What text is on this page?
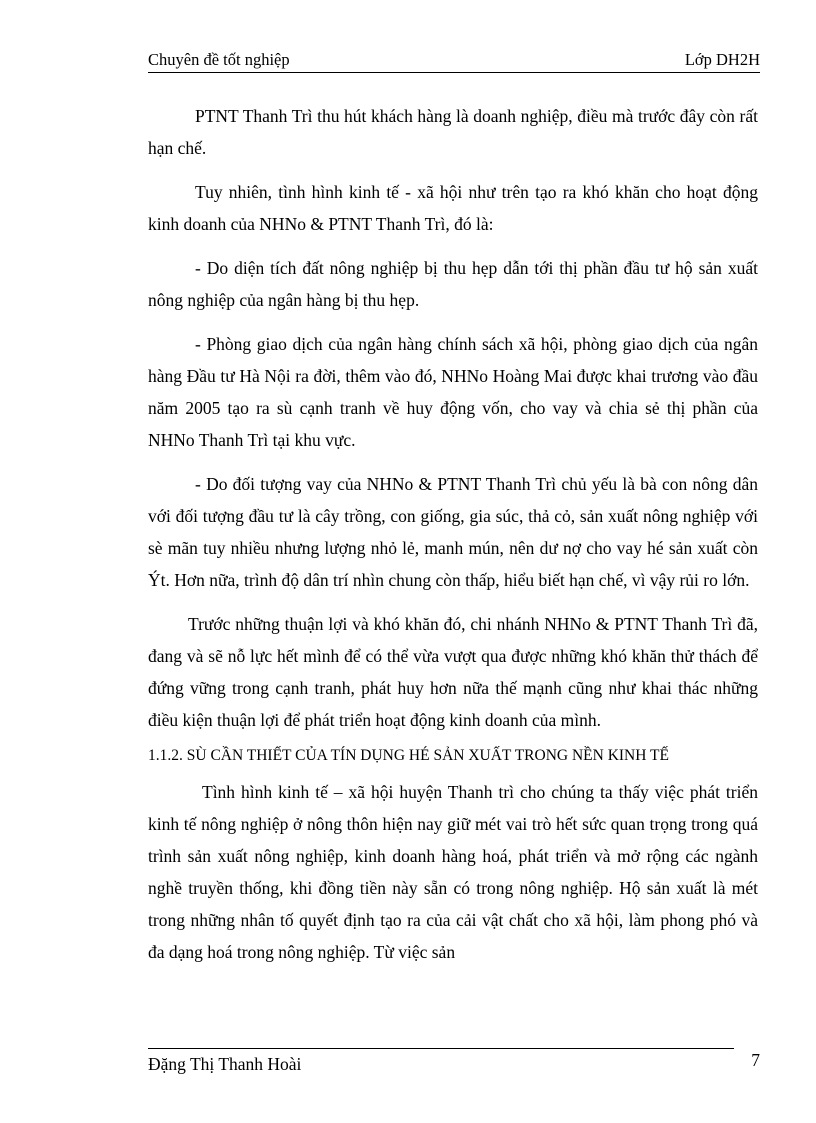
Chuyên đề tốt nghiệp	Lớp DH2H

PTNT Thanh Trì thu hút khách hàng là doanh nghiệp, điều mà trước đây còn rất hạn chế.

Tuy nhiên, tình hình kinh tế - xã hội như trên tạo ra khó khăn cho hoạt động kinh doanh của NHNo & PTNT Thanh Trì, đó là:

- Do diện tích đất nông nghiệp bị thu hẹp dẫn tới thị phần đầu tư hộ sản xuất nông nghiệp của ngân hàng bị thu hẹp.

- Phòng giao dịch của ngân hàng chính sách xã hội, phòng giao dịch của ngân hàng Đầu tư Hà Nội ra đời, thêm vào đó, NHNo Hoàng Mai được khai trương vào đầu năm 2005 tạo ra sù cạnh tranh về huy động vốn, cho vay và chia sẻ thị phần của NHNo Thanh Trì tại khu vực.

- Do đối tượng vay của NHNo & PTNT Thanh Trì chủ yếu là bà con nông dân với đối tượng đầu tư là cây trồng, con giống, gia súc, thả cỏ, sản xuất nông nghiệp với sè mãn tuy nhiều nhưng lượng nhỏ lẻ, manh mún, nên dư nợ cho vay hé sản xuất còn Ýt. Hơn nữa, trình độ dân trí nhìn chung còn thấp, hiểu biết hạn chế, vì vậy rủi ro lớn.

Trước những thuận lợi và khó khăn đó, chi nhánh NHNo & PTNT Thanh Trì đã, đang và sẽ nỗ lực hết mình để có thể vừa vượt qua được những khó khăn thử thách để đứng vững trong cạnh tranh, phát huy hơn nữa thế mạnh cũng như khai thác những điều kiện thuận lợi để phát triển hoạt động kinh doanh của mình.

1.1.2. SÙ CẦN THIẾT CỦA TÍN DỤNG HÉ SẢN XUẤT TRONG NỀN KINH TẾ

Tình hình kinh tế – xã hội huyện Thanh trì cho chúng ta thấy việc phát triển kinh tế nông nghiệp ở nông thôn hiện nay giữ mét vai trò hết sức quan trọng trong quá trình sản xuất nông nghiệp, kinh doanh hàng hoá, phát triển và mở rộng các ngành nghề truyền thống, khi đồng tiền này sẵn có trong nông nghiệp. Hộ sản xuất là mét trong những nhân tố quyết định tạo ra của cải vật chất cho xã hội, làm phong phó và đa dạng hoá trong nông nghiệp. Từ việc sản

Đặng Thị Thanh Hoài	7
